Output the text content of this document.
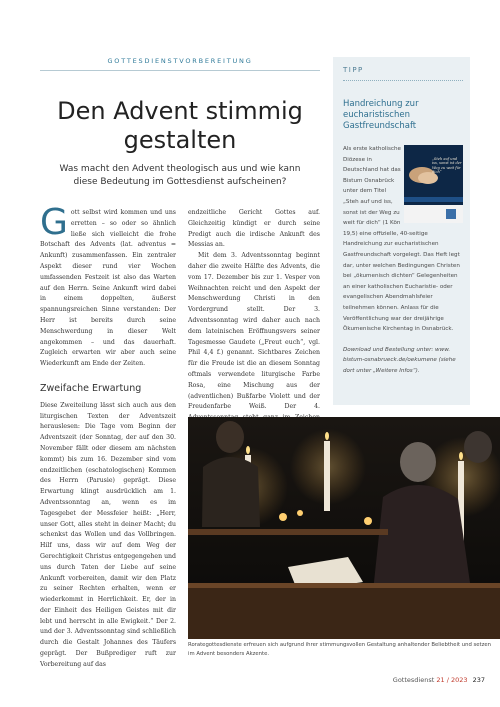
GOTTESDIENSTVORBEREITUNG
Den Advent stimmig
gestalten
Was macht den Advent theologisch aus und wie kann diese Bedeutung im Gottesdienst aufscheinen?
G ott selbst wird kommen und uns erretten – so oder so ähnlich ließe sich vielleicht die frohe Botschaft des Advents (lat. adventus = Ankunft) zusammenfassen. Ein zentraler Aspekt dieser rund vier Wochen umfassenden Festzeit ist also das Warten auf den Herrn. Seine Ankunft wird dabei in einem doppelten, äußerst spannungsreichen Sinne verstanden: Der Herr ist bereits durch seine Menschwerdung in dieser Welt angekommen – und das dauerhaft. Zugleich erwarten wir aber auch seine Wiederkunft am Ende der Zeiten.

Zweifache Erwartung

Diese Zweiteilung lässt sich auch aus den liturgischen Texten der Adventszeit herauslesen: Die Tage vom Beginn der Adventszeit (der Sonntag, der auf den 30. November fällt oder diesem am nächsten kommt) bis zum 16. Dezember sind vom endzeitlichen (eschatologischen) Kommen des Herrn (Parusie) geprägt. Diese Erwartung klingt ausdrücklich am 1. Adventssonntag an, wenn es im Tagesgebet der Messfeier heißt: „Herr, unser Gott, alles steht in deiner Macht; du schenkst das Wollen und das Vollbringen. Hilf uns, dass wir auf dem Weg der Gerechtigkeit Christus entgegengehen und uns durch Taten der Liebe auf seine Ankunft vorbereiten, damit wir den Platz zu seiner Rechten erhalten, wenn er wiederkommt in Herrlichkeit. Er, der in der Einheit des Heiligen Geistes mit dir lebt und herrscht in alle Ewigkeit.“ Der 2. und der 3. Adventssonntag sind schließlich durch die Gestalt Johannes des Täufers geprägt. Der Bußprediger ruft zur Vorbereitung auf das

endzeitliche Gericht Gottes auf. Gleichzeitig kündigt er durch seine Predigt auch die irdische Ankunft des Messias an.

Mit dem 3. Adventssonntag beginnt daher die zweite Hälfte des Advents, die vom 17. Dezember bis zur 1. Vesper von Weihnachten reicht und den Aspekt der Menschwerdung Christi in den Vordergrund stellt. Der 3. Adventssonntag wird daher auch nach dem lateinischen Eröffnungsvers seiner Tagesmesse Gaudete („Freut euch“, vgl. Phil 4,4 f.) genannt. Sichtbares Zeichen für die Freude ist die an diesem Sonntag oftmals verwendete liturgische Farbe Rosa, eine Mischung aus der (adventlichen) Bußfarbe Violett und der Freudenfarbe Weiß. Der 4.

TIPP
Handreichung zur eucharistischen Gastfreundschaft
„Steh auf und iss, sonst ist der Weg zu weit für dich“

Als erste katholische Diözese in Deutschland hat das Bistum Osnabrück unter dem Titel „Steh auf und iss, sonst ist der Weg zu weit für dich“ (1 Kön 19,5) eine offizielle, 40-seitige Handreichung zur eucharistischen Gastfreundschaft vorgelegt. Das Heft legt dar, unter welchen Bedingungen Christen bei „ökumenisch dichten“ Gelegenheiten an einer katholischen Eucharistie- oder evangelischen Abendmahlsfeier teilnehmen können. Anlass für die Veröffentlichung war der dreijährige Ökumenische Kirchentag in Osnabrück.

Download und Bestellung unter: www. bistum-osnabrueck.de/oekumene (siehe dort unter „Weitere Infos“).

Rorategottesdienste erfreuen sich aufgrund ihrer stimmungsvollen Gestaltung anhaltender Beliebtheit und setzen im Advent besonders Akzente.
Gottesdienst 21 / 2023 237
